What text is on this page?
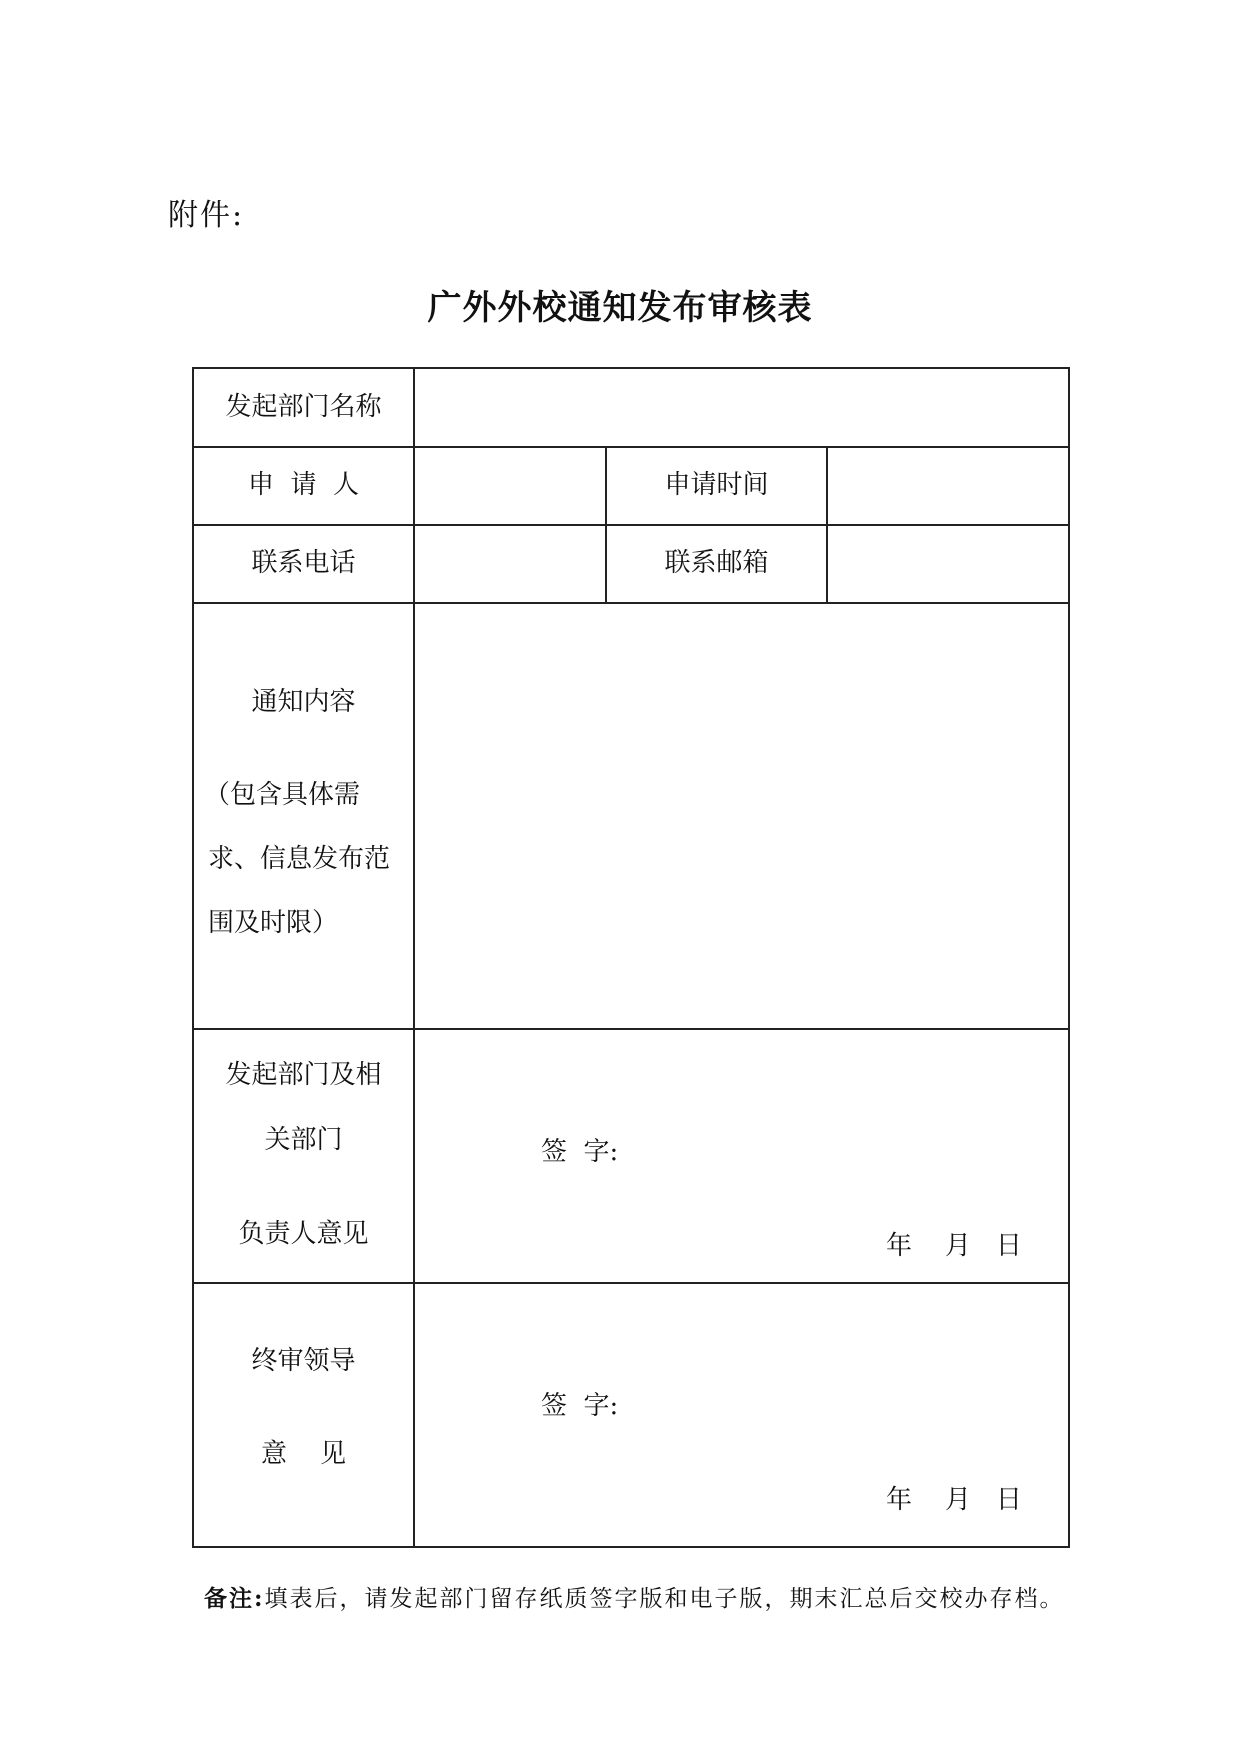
附件:
广外外校通知发布审核表
发起部门名称
申  请  人	申请时间
联系电话	联系邮箱
通知内容
（包含具体需
求、信息发布范
围及时限）
发起部门及相
关部门
负责人意见
签  字:
年    月   日
终审领导
意    见
签  字:
年    月   日
备注:填表后，请发起部门留存纸质签字版和电子版，期末汇总后交校办存档。
